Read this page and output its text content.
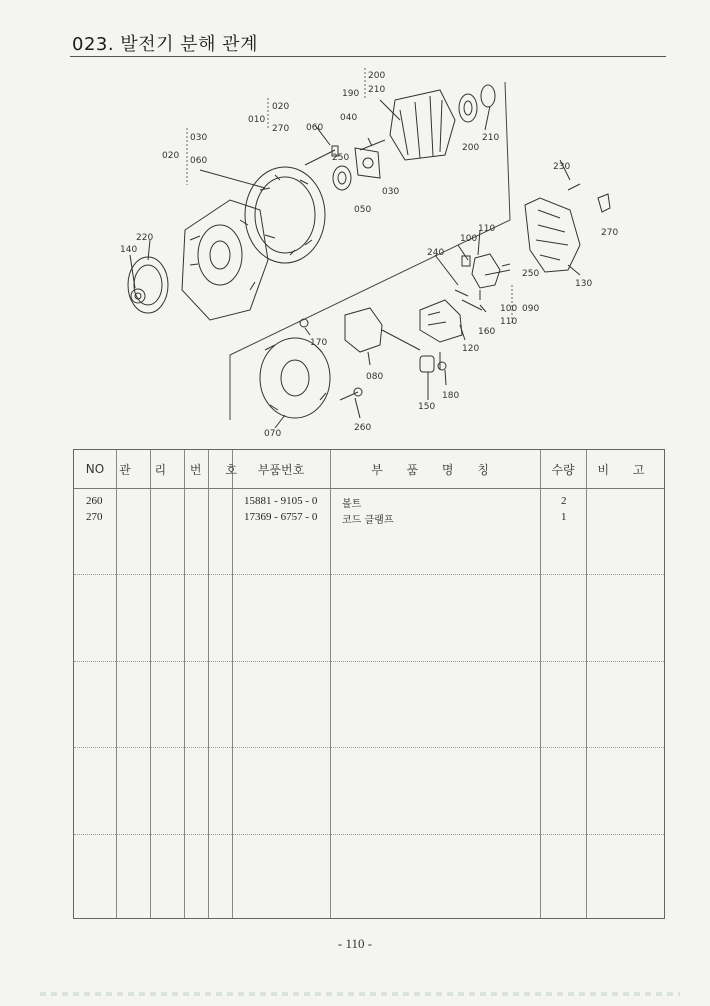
023. 발전기 분해 관계
200
210
190
020
010
270
040
060
030
020 060	250
030
050
210
200
230
270
220
140
100
110
240
250
130
100 090
110
160
120
170
080
150
180
260
070
NO	관 리 번 호 부품번호	부 품 명 칭	수량	비 고
260	15881 - 9105 - 0 볼트	2
270	17369 - 6757 - 0 코드 클램프	1
- 110 -
